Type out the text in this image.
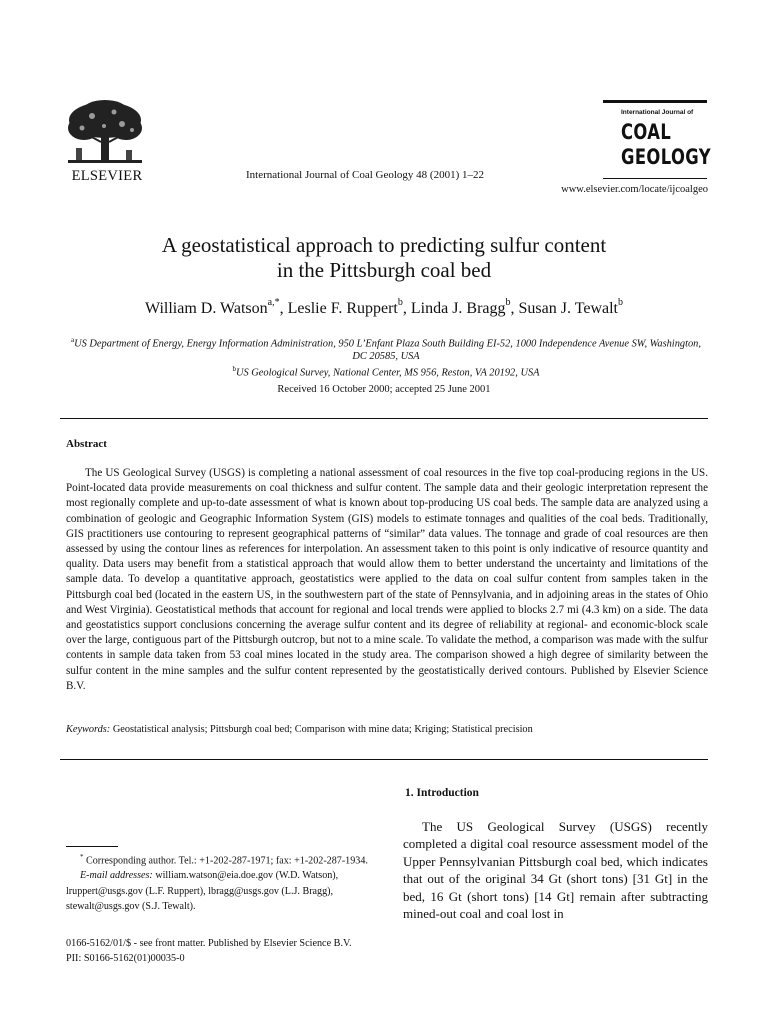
ELSEVIER	International Journal of Coal Geology 48 (2001) 1–22
International Journal of
COAL
GEOLOGY
www.elsevier.com/locate/ijcoalgeo
A geostatistical approach to predicting sulfur content
in the Pittsburgh coal bed
William D. Watson$^{a,*}$, Leslie F. Ruppert$^b$, Linda J. Bragg$^b$, Susan J. Tewalt$^b$
$^a$US Department of Energy, Energy Information Administration, 950 L’Enfant Plaza South Building EI-52, 1000 Independence Avenue SW, Washington, DC 20585, USA
$^b$US Geological Survey, National Center, MS 956, Reston, VA 20192, USA
Received 16 October 2000; accepted 25 June 2001
Abstract
The US Geological Survey (USGS) is completing a national assessment of coal resources in the five top coal-producing regions in the US. Point-located data provide measurements on coal thickness and sulfur content. The sample data and their geologic interpretation represent the most regionally complete and up-to-date assessment of what is known about top-producing US coal beds. The sample data are analyzed using a combination of geologic and Geographic Information System (GIS) models to estimate tonnages and qualities of the coal beds. Traditionally, GIS practitioners use contouring to represent geographical patterns of “similar” data values. The tonnage and grade of coal resources are then assessed by using the contour lines as references for interpolation. An assessment taken to this point is only indicative of resource quantity and quality. Data users may benefit from a statistical approach that would allow them to better understand the uncertainty and limitations of the sample data. To develop a quantitative approach, geostatistics were applied to the data on coal sulfur content from samples taken in the Pittsburgh coal bed (located in the eastern US, in the southwestern part of the state of Pennsylvania, and in adjoining areas in the states of Ohio and West Virginia). Geostatistical methods that account for regional and local trends were applied to blocks 2.7 mi (4.3 km) on a side. The data and geostatistics support conclusions concerning the average sulfur content and its degree of reliability at regional- and economic-block scale over the large, contiguous part of the Pittsburgh outcrop, but not to a mine scale. To validate the method, a comparison was made with the sulfur contents in sample data taken from 53 coal mines located in the study area. The comparison showed a high degree of similarity between the sulfur content in the mine samples and the sulfur content represented by the geostatistically derived contours. Published by Elsevier Science B.V.
Keywords: Geostatistical analysis; Pittsburgh coal bed; Comparison with mine data; Kriging; Statistical precision
1. Introduction
The US Geological Survey (USGS) recently completed a digital coal resource assessment model of the Upper Pennsylvanian Pittsburgh coal bed, which indicates that out of the original 34 Gt (short tons) [31 Gt] in the bed, 16 Gt (short tons) [14 Gt] remain after subtracting mined-out coal and coal lost in
* Corresponding author. Tel.: +1-202-287-1971; fax: +1-202-287-1934.
E-mail addresses: william.watson@eia.doe.gov (W.D. Watson), lruppert@usgs.gov (L.F. Ruppert), lbragg@usgs.gov (L.J. Bragg), stewalt@usgs.gov (S.J. Tewalt).
0166-5162/01/$ - see front matter. Published by Elsevier Science B.V.
PII: S0166-5162(01)00035-0
